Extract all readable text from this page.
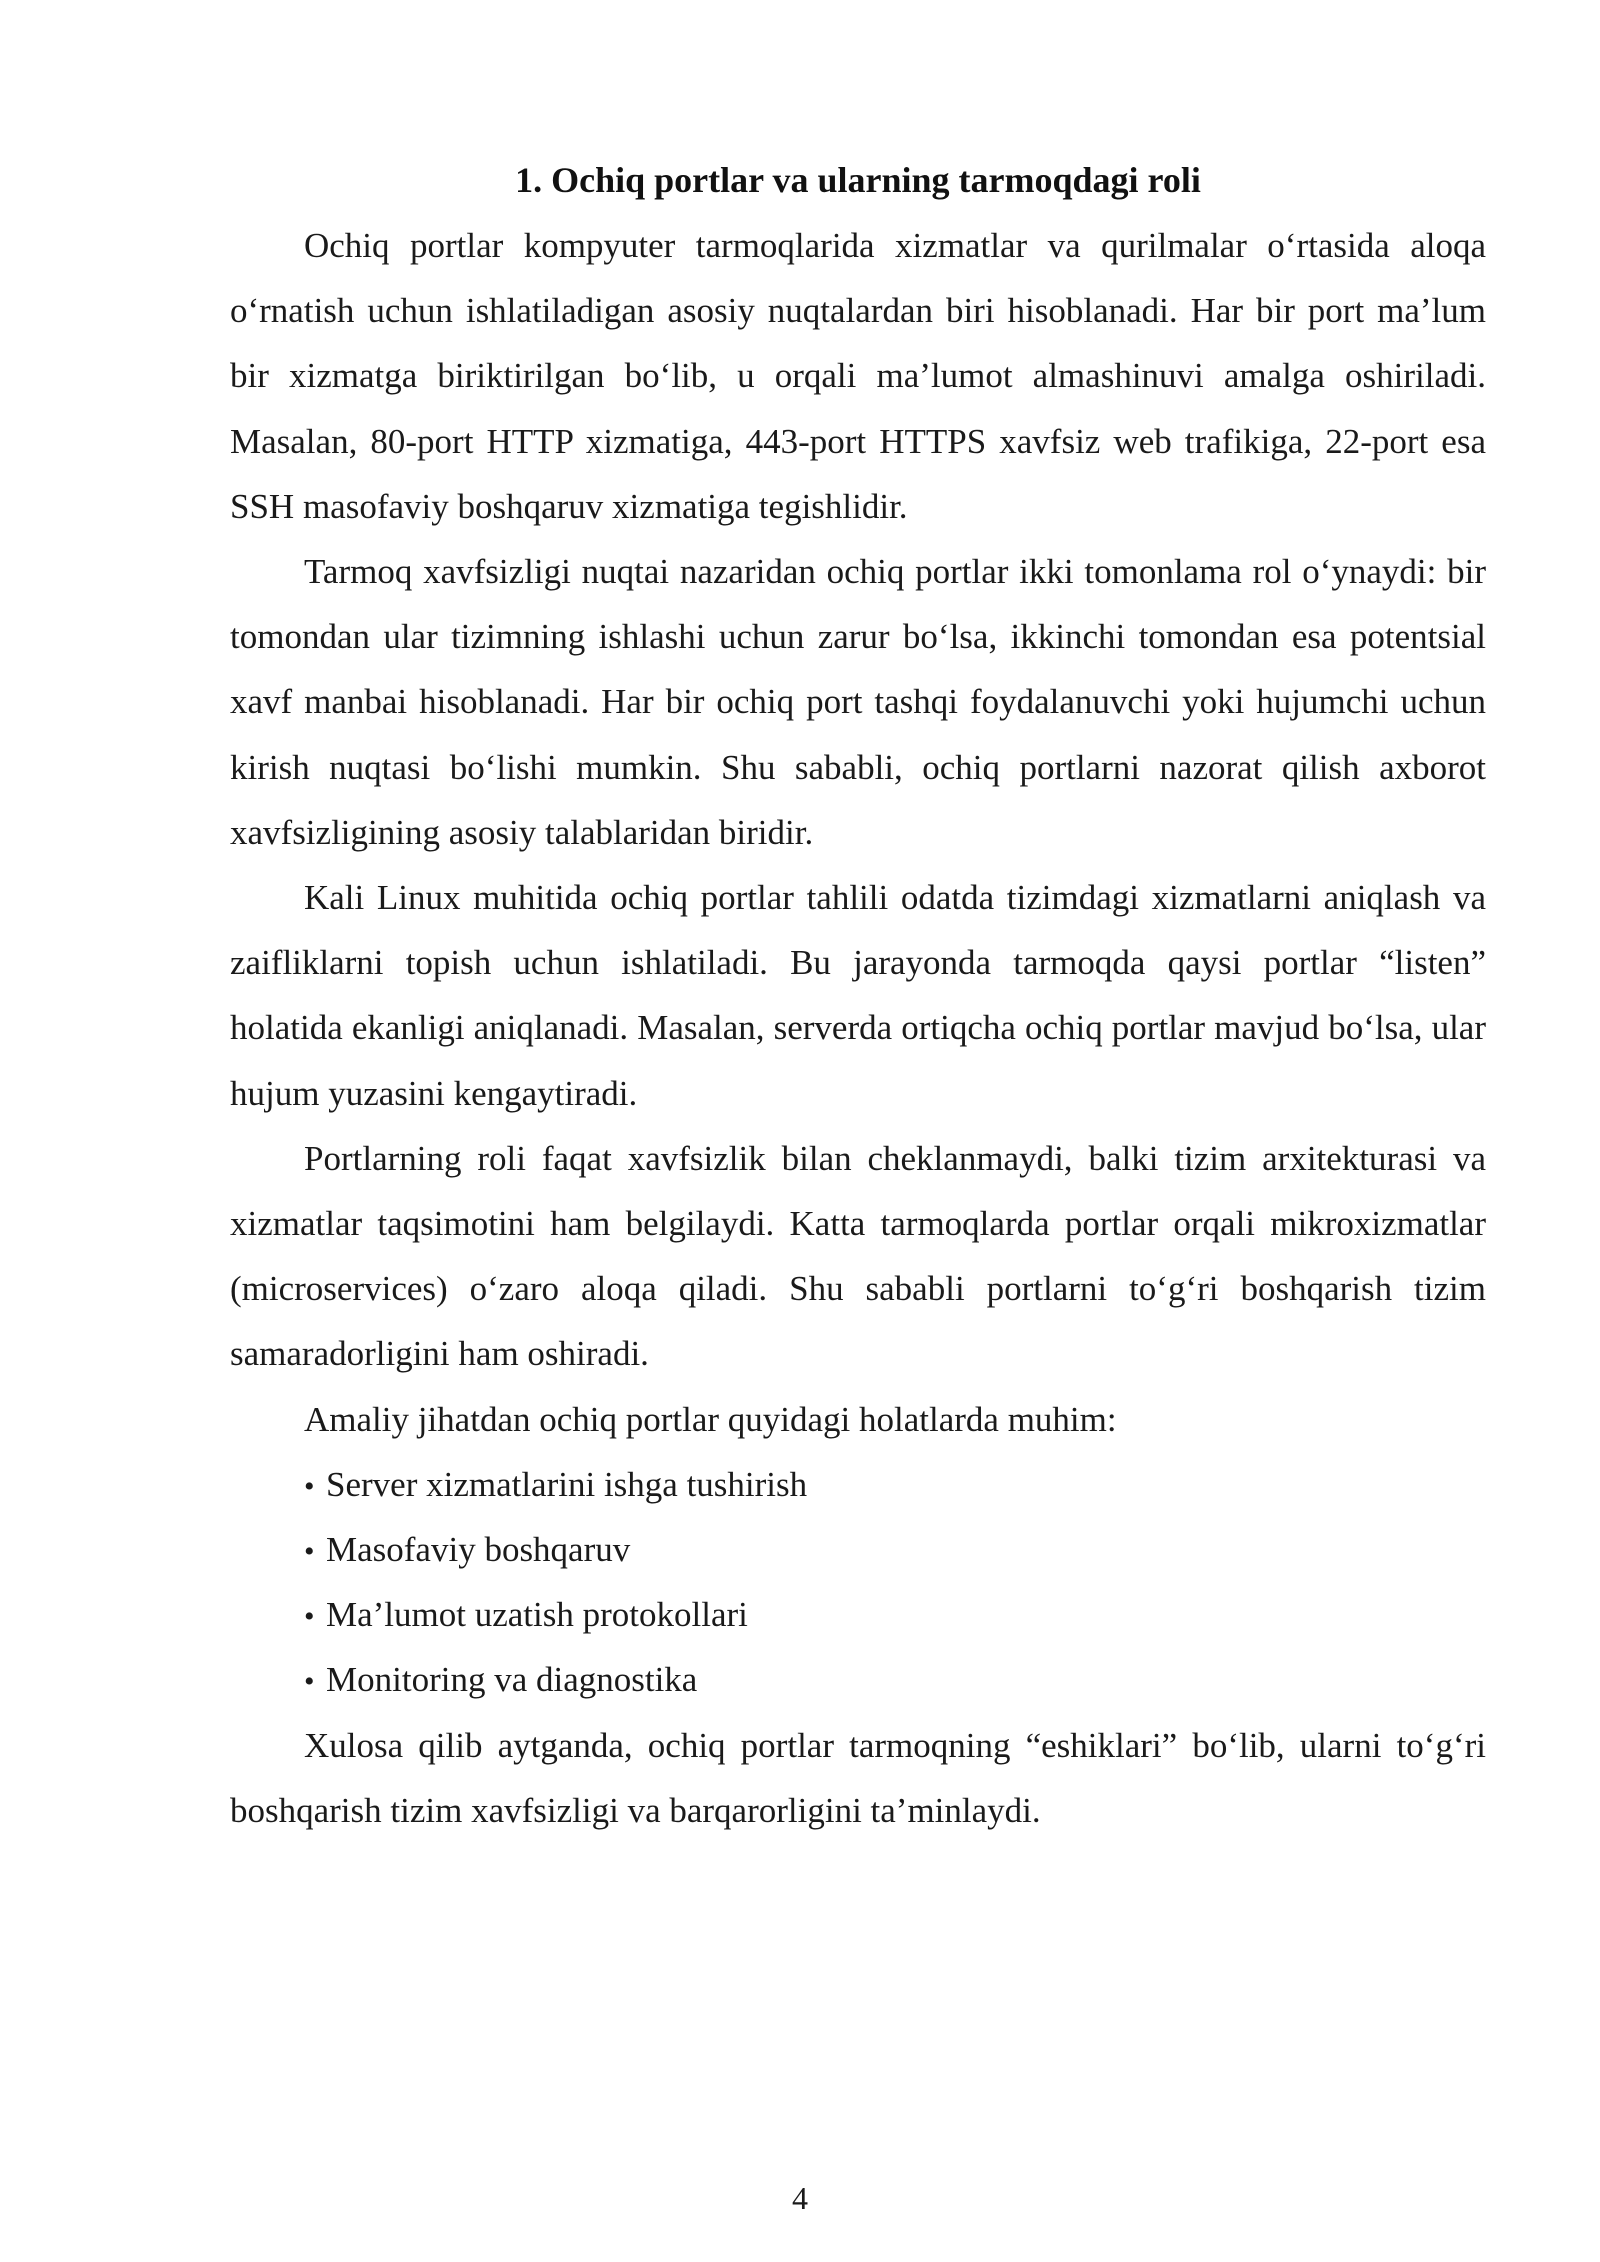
1. Ochiq portlar va ularning tarmoqdagi roli

Ochiq portlar kompyuter tarmoqlarida xizmatlar va qurilmalar o‘rtasida aloqa o‘rnatish uchun ishlatiladigan asosiy nuqtalardan biri hisoblanadi. Har bir port ma’lum bir xizmatga biriktirilgan bo‘lib, u orqali ma’lumot almashinuvi amalga oshiriladi. Masalan, 80-port HTTP xizmatiga, 443-port HTTPS xavfsiz web trafikiga, 22-port esa SSH masofaviy boshqaruv xizmatiga tegishlidir.

Tarmoq xavfsizligi nuqtai nazaridan ochiq portlar ikki tomonlama rol o‘ynaydi: bir tomondan ular tizimning ishlashi uchun zarur bo‘lsa, ikkinchi tomondan esa potentsial xavf manbai hisoblanadi. Har bir ochiq port tashqi foydalanuvchi yoki hujumchi uchun kirish nuqtasi bo‘lishi mumkin. Shu sababli, ochiq portlarni nazorat qilish axborot xavfsizligining asosiy talablaridan biridir.

Kali Linux muhitida ochiq portlar tahlili odatda tizimdagi xizmatlarni aniqlash va zaifliklarni topish uchun ishlatiladi. Bu jarayonda tarmoqda qaysi portlar “listen” holatida ekanligi aniqlanadi. Masalan, serverda ortiqcha ochiq portlar mavjud bo‘lsa, ular hujum yuzasini kengaytiradi.

Portlarning roli faqat xavfsizlik bilan cheklanmaydi, balki tizim arxitekturasi va xizmatlar taqsimotini ham belgilaydi. Katta tarmoqlarda portlar orqali mikroxizmatlar (microservices) o‘zaro aloqa qiladi. Shu sababli portlarni to‘g‘ri boshqarish tizim samaradorligini ham oshiradi.

Amaliy jihatdan ochiq portlar quyidagi holatlarda muhim:

• Server xizmatlarini ishga tushirish
• Masofaviy boshqaruv
• Ma’lumot uzatish protokollari
• Monitoring va diagnostika

Xulosa qilib aytganda, ochiq portlar tarmoqning “eshiklari” bo‘lib, ularni to‘g‘ri boshqarish tizim xavfsizligi va barqarorligini ta’minlaydi.

4
